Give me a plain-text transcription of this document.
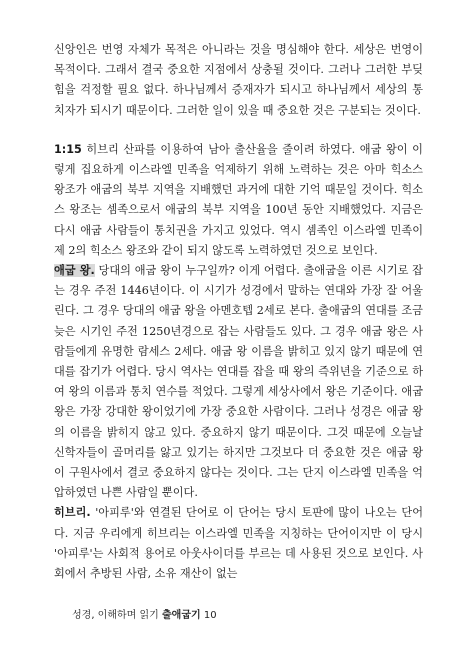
신앙인은 번영 자체가 목적은 아니라는 것을 명심해야 한다. 세상은 번영이 목적이다. 그래서 결국 중요한 지점에서 상충될 것이다. 그러나 그러한 부딪힘을 걱정할 필요 없다. 하나님께서 증재자가 되시고 하나님께서 세상의 통치자가 되시기 때문이다. 그러한 일이 있을 때 중요한 것은 구분되는 것이다.

1:15 히브리 산파를 이용하여 남아 출산율을 줄이려 하였다. 애굽 왕이 이렇게 집요하게 이스라엘 민족을 억제하기 위해 노력하는 것은 아마 힉소스 왕조가 애굽의 북부 지역을 지배했던 과거에 대한 기억 때문일 것이다. 힉소스 왕조는 셈족으로서 애굽의 북부 지역을 100년 동안 지배했었다. 지금은 다시 애굽 사람들이 통치권을 가지고 있었다. 역시 셈족인 이스라엘 민족이 제 2의 힉소스 왕조와 같이 되지 않도록 노력하였던 것으로 보인다.

애굽 왕. 당대의 애굽 왕이 누구일까? 이게 어렵다. 출애굽을 이른 시기로 잡는 경우 주전 1446년이다. 이 시기가 성경에서 말하는 연대와 가장 잘 어울린다. 그 경우 당대의 애굽 왕을 아멘호텝 2세로 본다. 출애굽의 연대를 조금 늦은 시기인 주전 1250년경으로 잡는 사람들도 있다. 그 경우 애굽 왕은 사람들에게 유명한 람세스 2세다. 애굽 왕 이름을 밝히고 있지 않기 때문에 연대를 잡기가 어렵다. 당시 역사는 연대를 잡을 때 왕의 즉위년을 기준으로 하여 왕의 이름과 통치 연수를 적었다. 그렇게 세상사에서 왕은 기준이다. 애굽 왕은 가장 강대한 왕이었기에 가장 중요한 사람이다. 그러나 성경은 애굽 왕의 이름을 밝히지 않고 있다. 중요하지 않기 때문이다. 그것 때문에 오늘날 신학자들이 골머리를 앓고 있기는 하지만 그것보다 더 중요한 것은 애굽 왕이 구원사에서 결코 중요하지 않다는 것이다. 그는 단지 이스라엘 민족을 억압하였던 나쁜 사람일 뿐이다.

히브리. '아피루'와 연결된 단어로 이 단어는 당시 토판에 많이 나오는 단어다. 지금 우리에게 히브리는 이스라엘 민족을 지칭하는 단어이지만 이 당시 '아피루'는 사회적 용어로 아웃사이더를 부르는 데 사용된 것으로 보인다. 사회에서 추방된 사람, 소유 재산이 없는

성경, 이해하며 읽기 출애굽기 10
